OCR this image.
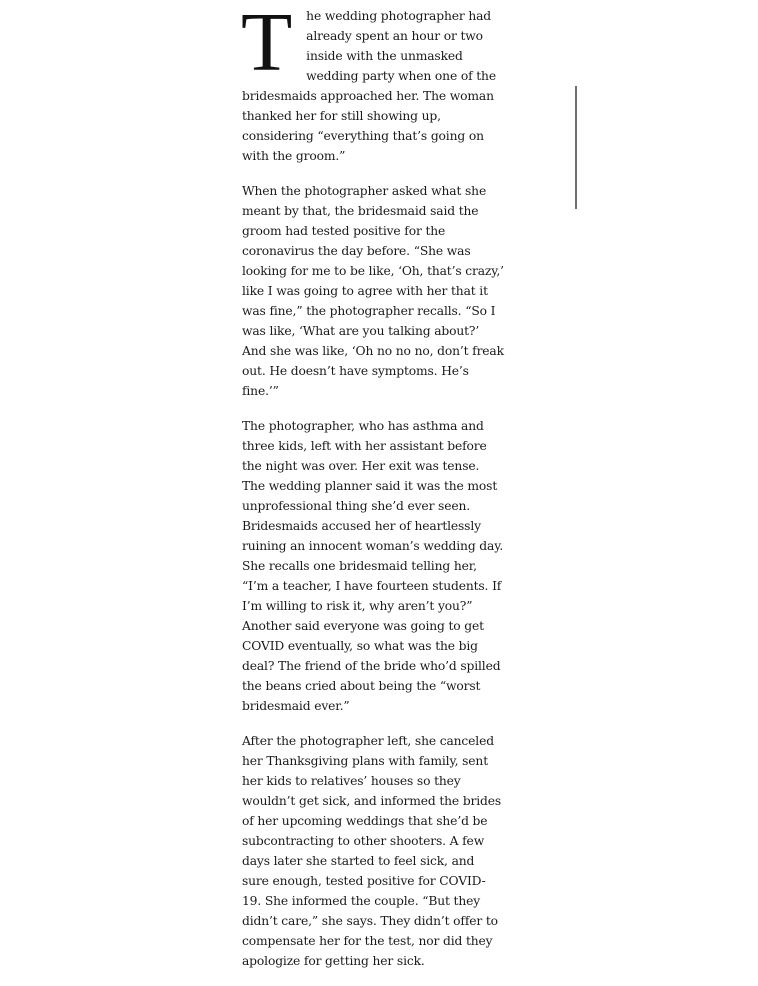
T he wedding photographer had already spent an hour or two inside with the unmasked wedding party when one of the bridesmaids approached her. The woman thanked her for still showing up, considering “everything that’s going on with the groom.”

When the photographer asked what she meant by that, the bridesmaid said the groom had tested positive for the coronavirus the day before. “She was looking for me to be like, ‘Oh, that’s crazy,’ like I was going to agree with her that it was fine,” the photographer recalls. “So I was like, ‘What are you talking about?’ And she was like, ‘Oh no no no, don’t freak out. He doesn’t have symptoms. He’s fine.’”

The photographer, who has asthma and three kids, left with her assistant before the night was over. Her exit was tense. The wedding planner said it was the most unprofessional thing she’d ever seen. Bridesmaids accused her of heartlessly ruining an innocent woman’s wedding day. She recalls one bridesmaid telling her, “I’m a teacher, I have fourteen students. If I’m willing to risk it, why aren’t you?” Another said everyone was going to get COVID eventually, so what was the big deal? The friend of the bride who’d spilled the beans cried about being the “worst bridesmaid ever.”

After the photographer left, she canceled her Thanksgiving plans with family, sent her kids to relatives’ houses so they wouldn’t get sick, and informed the brides of her upcoming weddings that she’d be subcontracting to other shooters. A few days later she started to feel sick, and sure enough, tested positive for COVID-19. She informed the couple. “But they didn’t care,” she says. They didn’t offer to compensate her for the test, nor did they apologize for getting her sick.
